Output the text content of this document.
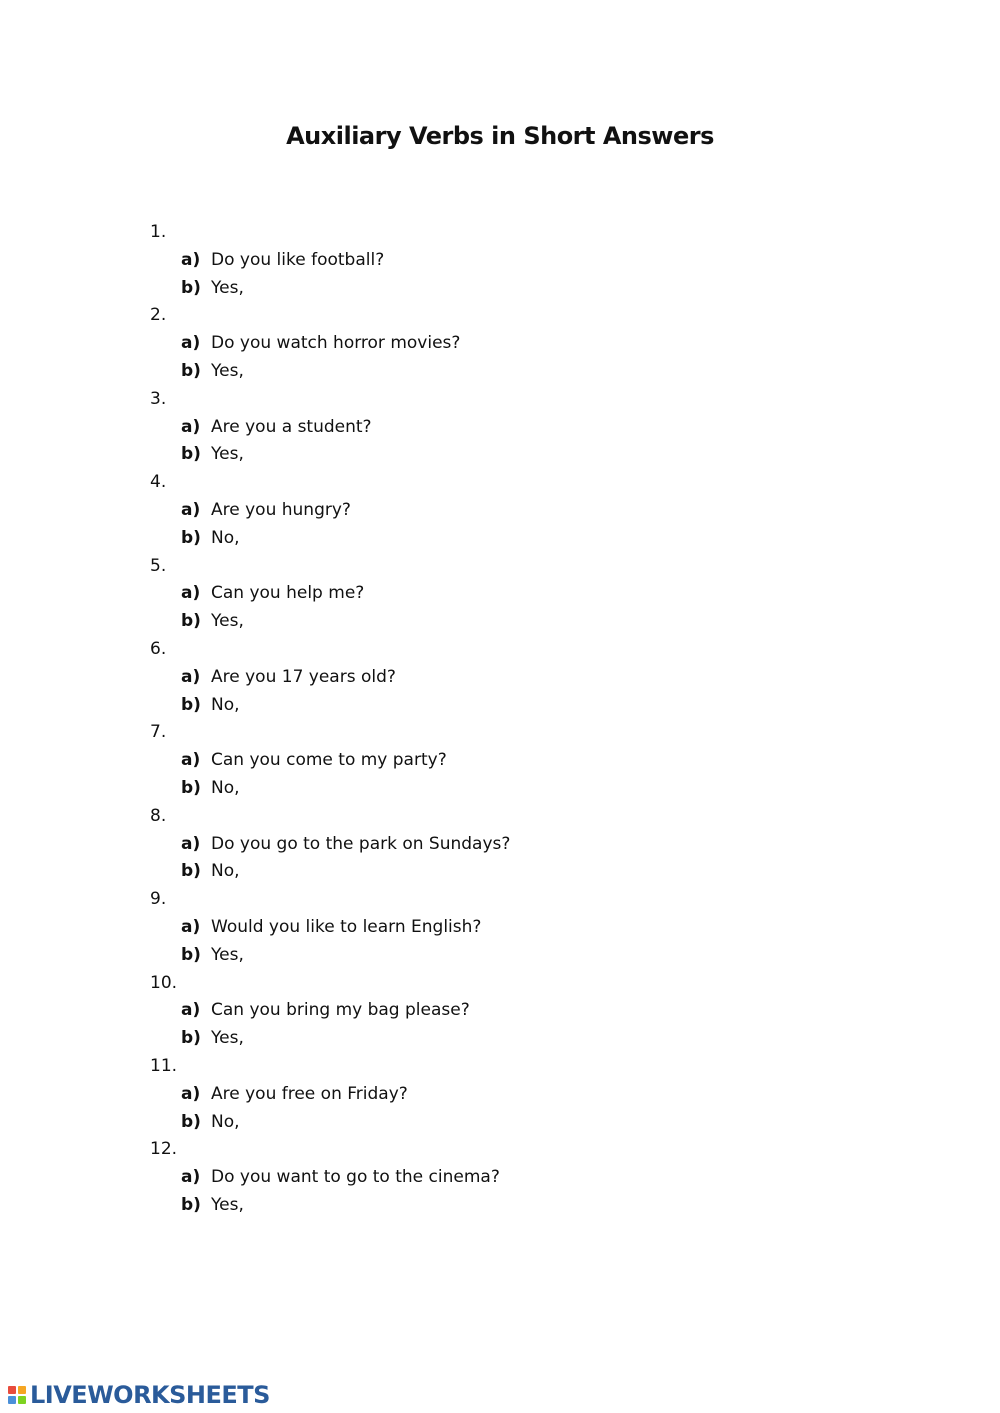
Auxiliary Verbs in Short Answers
1.
a) Do you like football?
b) Yes,
2.
a) Do you watch horror movies?
b) Yes,
3.
a) Are you a student?
b) Yes,
4.
a) Are you hungry?
b) No,
5.
a) Can you help me?
b) Yes,
6.
a) Are you 17 years old?
b) No,
7.
a) Can you come to my party?
b) No,
8.
a) Do you go to the park on Sundays?
b) No,
9.
a) Would you like to learn English?
b) Yes,
10.
a) Can you bring my bag please?
b) Yes,
11.
a) Are you free on Friday?
b) No,
12.
a) Do you want to go to the cinema?
b) Yes,
LIVEWORKSHEETS
